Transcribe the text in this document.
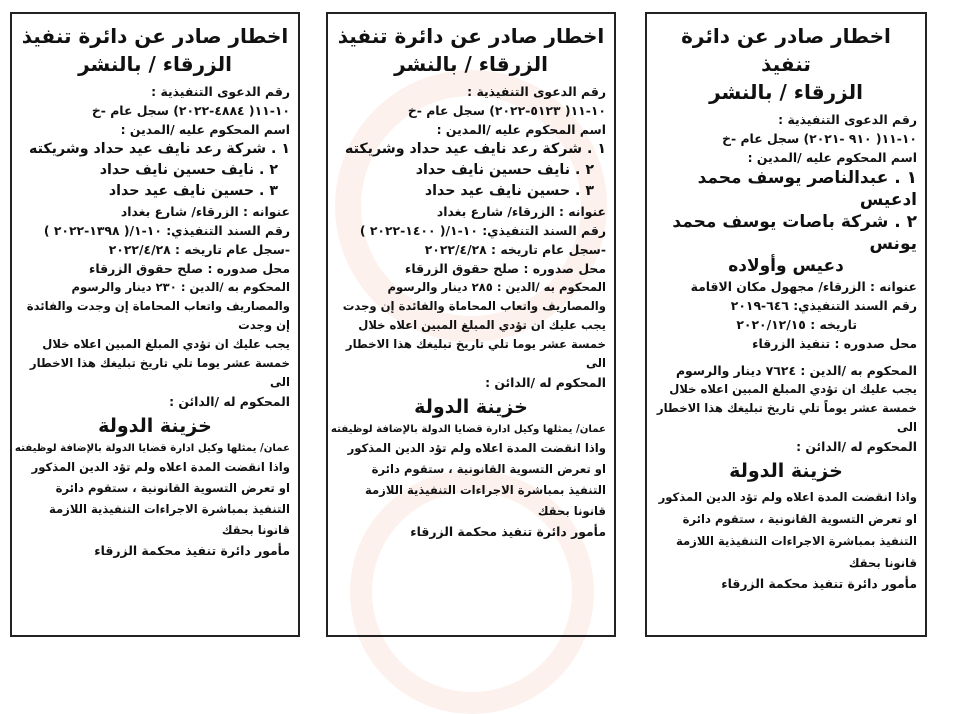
اخطار صادر عن دائرة تنفيذ
الزرقاء / بالنشر
رقم الدعوى التنفيذية :
١٠-١١( ٩١٠ -٢٠٢١) سجل عام -خ
اسم المحكوم عليه /المدين :
١ . عبدالناصر يوسف محمد ادعيس
٢ . شركة باصات يوسف محمد يونس
دعيس وأولاده
عنوانه : الزرقاء/ مجهول مكان الاقامة
رقم السند التنفيذي: ٦٤٦-٢٠١٩
تاريخه : ٢٠٢٠/١٢/١٥
محل صدوره : تنفيذ الزرقاء
المحكوم به /الدين : ٧٦٢٤ دينار والرسوم
يجب عليك ان تؤدي المبلغ المبين اعلاه خلال خمسة عشر يوماً تلي تاريخ تبليغك هذا الاخطار الى
المحكوم له /الدائن :
خزينة الدولة
واذا انقضت المدة اعلاه ولم تؤد الدين المذكور او تعرض التسوية القانونية ، ستقوم دائرة التنفيذ بمباشرة الاجراءات التنفيذية اللازمة قانونا بحقك
مأمور دائرة تنفيذ محكمة الزرقاء
اخطار صادر عن دائرة تنفيذ
الزرقاء / بالنشر
رقم الدعوى التنفيذية :
١٠-١١( ٥١٢٣-٢٠٢٢) سجل عام -خ
اسم المحكوم عليه /المدين :
١ . شركة رعد نايف عيد حداد وشريكته
٢ . نايف حسين نايف حداد
٣ . حسين نايف عيد حداد
عنوانه : الزرقاء/ شارع بغداد
رقم السند التنفيذي: ١٠-١/( ١٤٠٠-٢٠٢٢ )
-سجل عام تاريخه : ٢٠٢٢/٤/٢٨
محل صدوره : صلح حقوق الزرقاء
المحكوم به /الدين : ٢٨٥ دينار والرسوم والمصاريف واتعاب المحاماة والفائدة إن وجدت
يجب عليك ان تؤدي المبلغ المبين اعلاه خلال خمسة عشر يوما تلي تاريخ تبليغك هذا الاخطار الى
المحكوم له /الدائن :
خزينة الدولة
عمان/ يمثلها وكيل ادارة قضايا الدولة بالإضافة لوظيفته
واذا انقضت المدة اعلاه ولم تؤد الدين المذكور او تعرض التسوية القانونية ، ستقوم دائرة التنفيذ بمباشرة الاجراءات التنفيذية اللازمة قانونا بحقك
مأمور دائرة تنفيذ محكمة الزرقاء
اخطار صادر عن دائرة تنفيذ
الزرقاء / بالنشر
رقم الدعوى التنفيذية :
١٠-١١( ٤٨٨٤-٢٠٢٢) سجل عام -خ
اسم المحكوم عليه /المدين :
١ . شركة رعد نايف عيد حداد وشريكته
٢ . نايف حسين نايف حداد
٣ . حسين نايف عيد حداد
عنوانه : الزرقاء/ شارع بغداد
رقم السند التنفيذي: ١٠-١/( ١٣٩٨-٢٠٢٢ )
-سجل عام تاريخه : ٢٠٢٢/٤/٢٨
محل صدوره : صلح حقوق الزرقاء
المحكوم به /الدين : ٢٣٠ دينار والرسوم والمصاريف واتعاب المحاماة إن وجدت والفائدة إن وجدت
يجب عليك ان تؤدي المبلغ المبين اعلاه خلال خمسة عشر يوما تلي تاريخ تبليغك هذا الاخطار الى
المحكوم له /الدائن :
خزينة الدولة
عمان/ يمثلها وكيل ادارة قضايا الدولة بالإضافة لوظيفته
واذا انقضت المدة اعلاه ولم تؤد الدين المذكور او تعرض التسوية القانونية ، ستقوم دائرة التنفيذ بمباشرة الاجراءات التنفيذية اللازمة قانونا بحقك
مأمور دائرة تنفيذ محكمة الزرقاء
